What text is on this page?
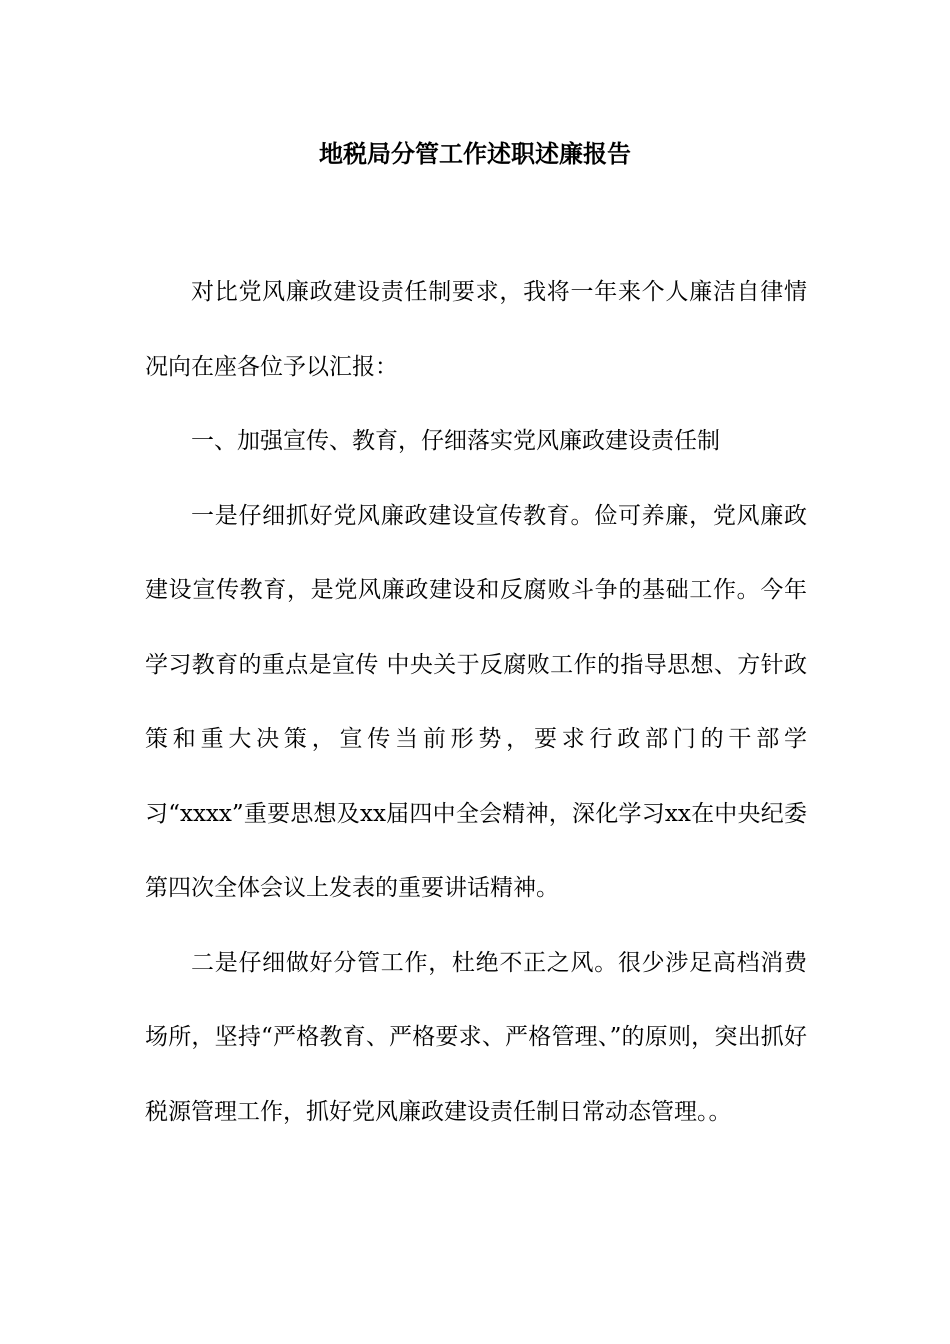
地税局分管工作述职述廉报告

对比党风廉政建设责任制要求，我将一年来个人廉洁自律情况向在座各位予以汇报：

一、加强宣传、教育，仔细落实党风廉政建设责任制

一是仔细抓好党风廉政建设宣传教育。俭可养廉，党风廉政建设宣传教育，是党风廉政建设和反腐败斗争的基础工作。今年学习教育的重点是宣传 中央关于反腐败工作的指导思想、方针政策和重大决策，宣传当前形势，要求行政部门的干部学习“xxxx”重要思想及xx届四中全会精神，深化学习xx在中央纪委第四次全体会议上发表的重要讲话精神。

二是仔细做好分管工作，杜绝不正之风。很少涉足高档消费场所，坚持“严格教育、严格要求、严格管理、”的原则，突出抓好税源管理工作，抓好党风廉政建设责任制日常动态管理。。
